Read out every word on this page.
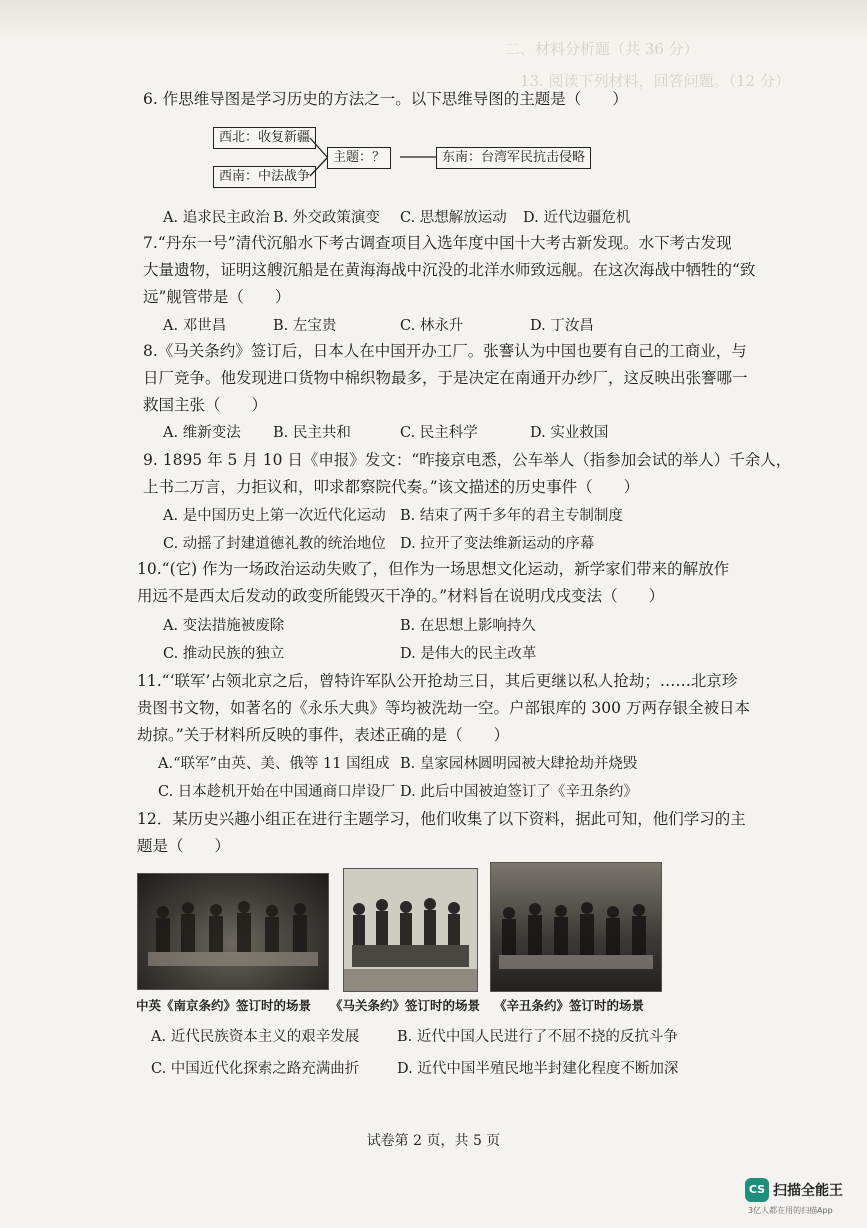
二、材料分析题（共 36 分）
13. 阅读下列材料，回答问题。（12 分）
6. 作思维导图是学习历史的方法之一。以下思维导图的主题是（　　）
西北：收复新疆
西南：中法战争
主题：？	东南：台湾军民抗击侵略
A. 追求民主政治 B. 外交政策演变 C. 思想解放运动 D. 近代边疆危机
7.“丹东一号”清代沉船水下考古调查项目入选年度中国十大考古新发现。水下考古发现
大量遗物，证明这艘沉船是在黄海海战中沉没的北洋水师致远舰。在这次海战中牺牲的“致
远”舰管带是（　　）
A. 邓世昌	B. 左宝贵	C. 林永升	D. 丁汝昌
8.《马关条约》签订后，日本人在中国开办工厂。张謇认为中国也要有自己的工商业，与
日厂竞争。他发现进口货物中棉织物最多，于是决定在南通开办纱厂，这反映出张謇哪一
救国主张（　　）
A. 维新变法 B. 民主共和	C. 民主科学	D. 实业救国
9. 1895 年 5 月 10 日《申报》发文：“昨接京电悉，公车举人（指参加会试的举人）千余人，
上书二万言，力拒议和，叩求都察院代奏。”该文描述的历史事件（　　）
A. 是中国历史上第一次近代化运动 B. 结束了两千多年的君主专制制度
C. 动摇了封建道德礼教的统治地位 D. 拉开了变法维新运动的序幕
10.“(它) 作为一场政治运动失败了，但作为一场思想文化运动，新学家们带来的解放作
用远不是西太后发动的政变所能毁灭干净的。”材料旨在说明戊戌变法（　　）
A. 变法措施被废除	B. 在思想上影响持久
C. 推动民族的独立	D. 是伟大的民主改革
11.“‘联军’占领北京之后，曾特许军队公开抢劫三日，其后更继以私人抢劫；……北京珍
贵图书文物，如著名的《永乐大典》等均被洗劫一空。户部银库的 300 万两存银全被日本
劫掠。”关于材料所反映的事件，表述正确的是（　　）
A.“联军”由英、美、俄等 11 国组成 B. 皇家园林圆明园被大肆抢劫并烧毁
C. 日本趁机开始在中国通商口岸设厂 D. 此后中国被迫签订了《辛丑条约》
12．某历史兴趣小组正在进行主题学习，他们收集了以下资料，据此可知，他们学习的主
题是（　　）
中英《南京条约》签订时的场景 《马关条约》签订时的场景 《辛丑条约》签订时的场景
A. 近代民族资本主义的艰辛发展	B. 近代中国人民进行了不屈不挠的反抗斗争
C. 中国近代化探索之路充满曲折	D. 近代中国半殖民地半封建化程度不断加深
试卷第 2 页，共 5 页
CS 扫描全能王
3亿人都在用的扫描App
